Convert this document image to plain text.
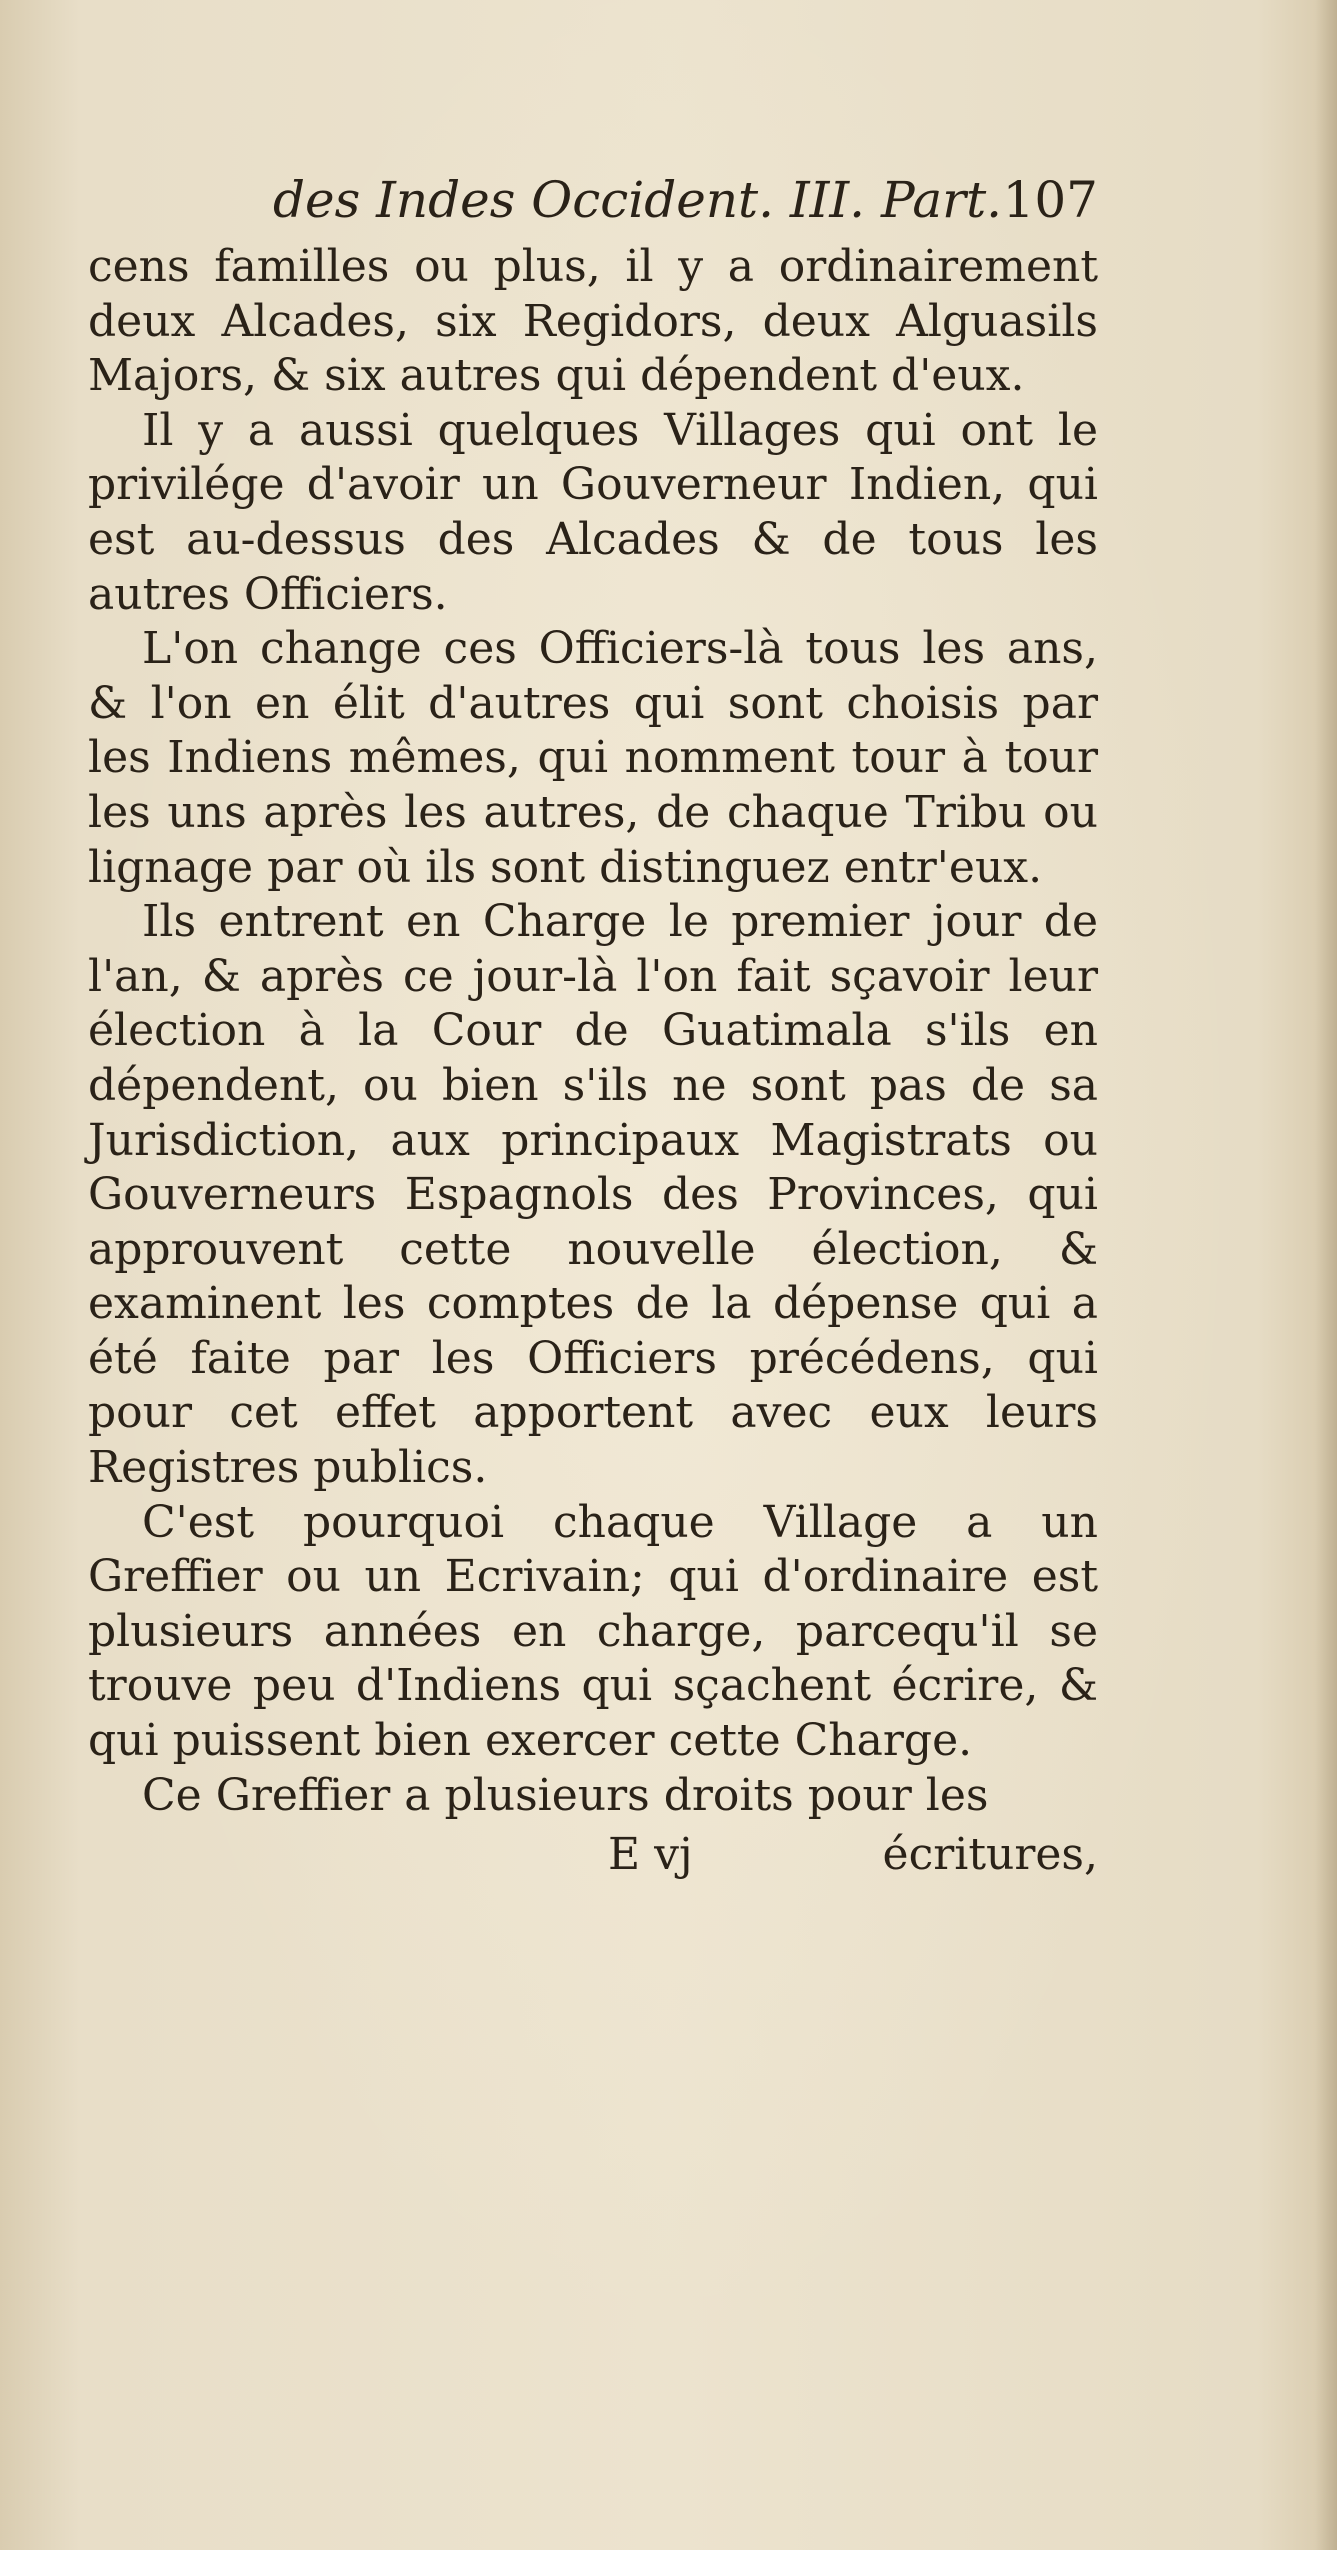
des Indes Occident. III. Part. 107

cens familles ou plus, il y a ordinairement deux Alcades, six Regidors, deux Alguasils Majors, & six autres qui dépendent d'eux.

Il y a aussi quelques Villages qui ont le privilége d'avoir un Gouverneur Indien, qui est au-dessus des Alcades & de tous les autres Officiers.

L'on change ces Officiers-là tous les ans, & l'on en élit d'autres qui sont choisis par les Indiens mêmes, qui nomment tour à tour les uns après les autres, de chaque Tribu ou lignage par où ils sont distinguez entr'eux.

Ils entrent en Charge le premier jour de l'an, & après ce jour-là l'on fait sçavoir leur élection à la Cour de Guatimala s'ils en dépendent, ou bien s'ils ne sont pas de sa Jurisdiction, aux principaux Magistrats ou Gouverneurs Espagnols des Provinces, qui approuvent cette nouvelle élection, & examinent les comptes de la dépense qui a été faite par les Officiers précédens, qui pour cet effet apportent avec eux leurs Registres publics.

C'est pourquoi chaque Village a un Greffier ou un Ecrivain; qui d'ordinaire est plusieurs années en charge, parcequ'il se trouve peu d'Indiens qui sçachent écrire, & qui puissent bien exercer cette Charge.

Ce Greffier a plusieurs droits pour les

E vj	écritures,
